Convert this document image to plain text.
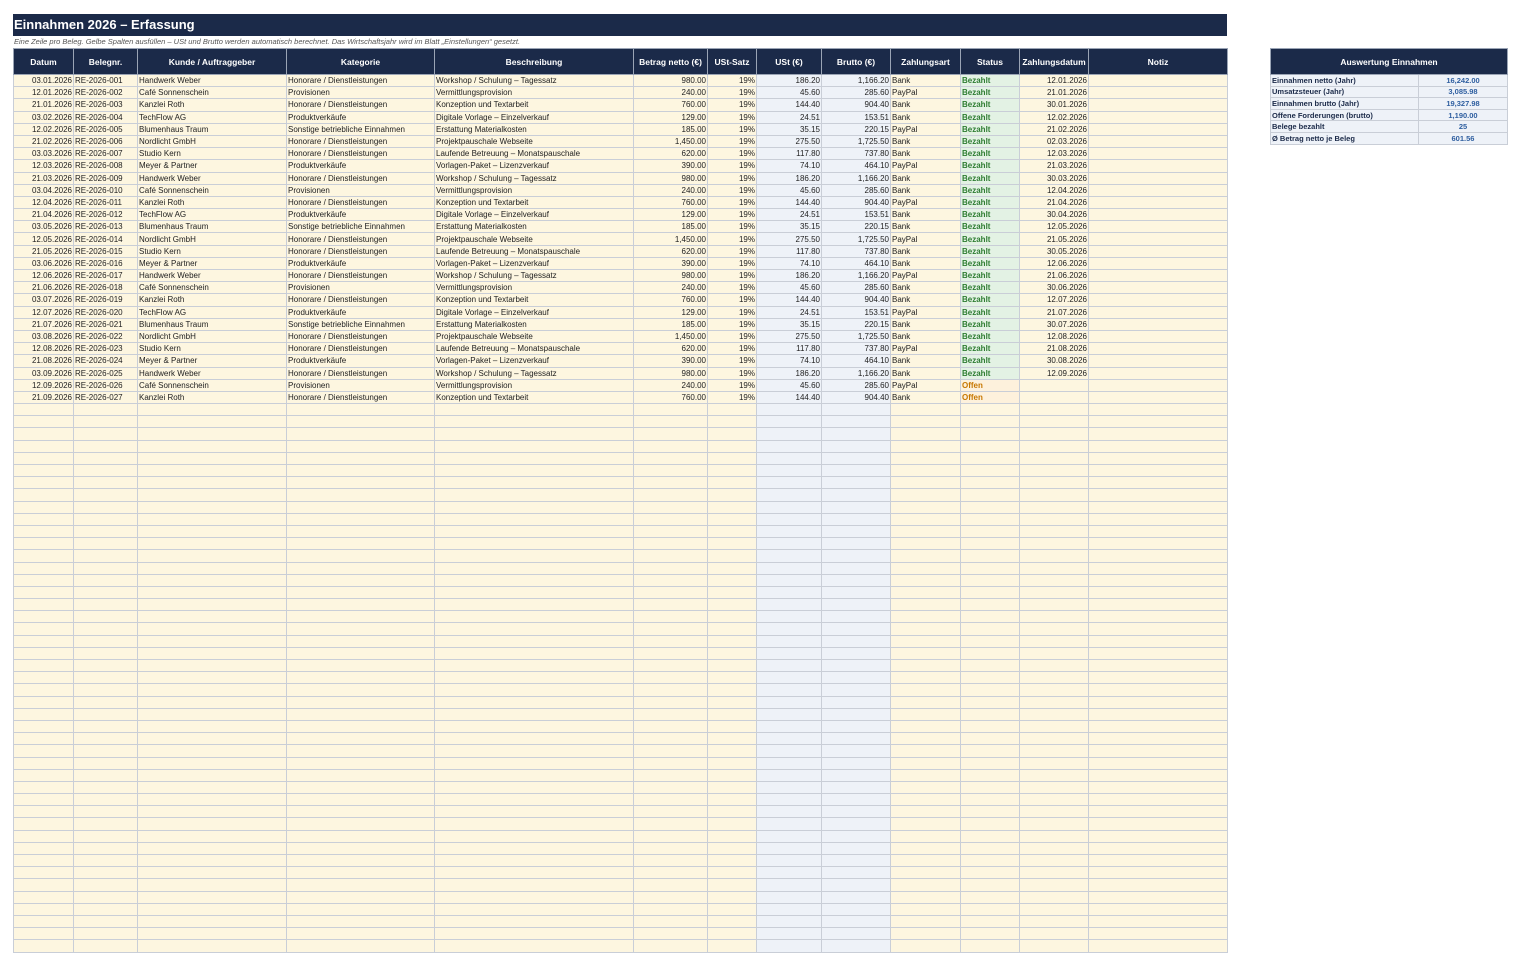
Einnahmen 2026 – Erfassung
Eine Zeile pro Beleg. Gelbe Spalten ausfüllen – USt und Brutto werden automatisch berechnet. Das Wirtschaftsjahr wird im Blatt „Einstellungen“ gesetzt.
Datum	Belegnr.	Kunde / Auftraggeber	Kategorie	Beschreibung	Betrag netto (€)	USt-Satz	USt (€)	Brutto (€)	Zahlungsart	Status	Zahlungsdatum	Notiz
03.01.2026	RE-2026-001	Handwerk Weber	Honorare / Dienstleistungen	Workshop / Schulung – Tagessatz	980.00	19%	186.20	1,166.20	Bank	Bezahlt	12.01.2026	
12.01.2026	RE-2026-002	Café Sonnenschein	Provisionen	Vermittlungsprovision	240.00	19%	45.60	285.60	PayPal	Bezahlt	21.01.2026	
21.01.2026	RE-2026-003	Kanzlei Roth	Honorare / Dienstleistungen	Konzeption und Textarbeit	760.00	19%	144.40	904.40	Bank	Bezahlt	30.01.2026	
03.02.2026	RE-2026-004	TechFlow AG	Produktverkäufe	Digitale Vorlage – Einzelverkauf	129.00	19%	24.51	153.51	Bank	Bezahlt	12.02.2026	
12.02.2026	RE-2026-005	Blumenhaus Traum	Sonstige betriebliche Einnahmen	Erstattung Materialkosten	185.00	19%	35.15	220.15	PayPal	Bezahlt	21.02.2026	
21.02.2026	RE-2026-006	Nordlicht GmbH	Honorare / Dienstleistungen	Projektpauschale Webseite	1,450.00	19%	275.50	1,725.50	Bank	Bezahlt	02.03.2026	
03.03.2026	RE-2026-007	Studio Kern	Honorare / Dienstleistungen	Laufende Betreuung – Monatspauschale	620.00	19%	117.80	737.80	Bank	Bezahlt	12.03.2026	
12.03.2026	RE-2026-008	Meyer & Partner	Produktverkäufe	Vorlagen-Paket – Lizenzverkauf	390.00	19%	74.10	464.10	PayPal	Bezahlt	21.03.2026	
21.03.2026	RE-2026-009	Handwerk Weber	Honorare / Dienstleistungen	Workshop / Schulung – Tagessatz	980.00	19%	186.20	1,166.20	Bank	Bezahlt	30.03.2026	
03.04.2026	RE-2026-010	Café Sonnenschein	Provisionen	Vermittlungsprovision	240.00	19%	45.60	285.60	Bank	Bezahlt	12.04.2026	
12.04.2026	RE-2026-011	Kanzlei Roth	Honorare / Dienstleistungen	Konzeption und Textarbeit	760.00	19%	144.40	904.40	PayPal	Bezahlt	21.04.2026	
21.04.2026	RE-2026-012	TechFlow AG	Produktverkäufe	Digitale Vorlage – Einzelverkauf	129.00	19%	24.51	153.51	Bank	Bezahlt	30.04.2026	
03.05.2026	RE-2026-013	Blumenhaus Traum	Sonstige betriebliche Einnahmen	Erstattung Materialkosten	185.00	19%	35.15	220.15	Bank	Bezahlt	12.05.2026	
12.05.2026	RE-2026-014	Nordlicht GmbH	Honorare / Dienstleistungen	Projektpauschale Webseite	1,450.00	19%	275.50	1,725.50	PayPal	Bezahlt	21.05.2026	
21.05.2026	RE-2026-015	Studio Kern	Honorare / Dienstleistungen	Laufende Betreuung – Monatspauschale	620.00	19%	117.80	737.80	Bank	Bezahlt	30.05.2026	
03.06.2026	RE-2026-016	Meyer & Partner	Produktverkäufe	Vorlagen-Paket – Lizenzverkauf	390.00	19%	74.10	464.10	Bank	Bezahlt	12.06.2026	
12.06.2026	RE-2026-017	Handwerk Weber	Honorare / Dienstleistungen	Workshop / Schulung – Tagessatz	980.00	19%	186.20	1,166.20	PayPal	Bezahlt	21.06.2026	
21.06.2026	RE-2026-018	Café Sonnenschein	Provisionen	Vermittlungsprovision	240.00	19%	45.60	285.60	Bank	Bezahlt	30.06.2026	
03.07.2026	RE-2026-019	Kanzlei Roth	Honorare / Dienstleistungen	Konzeption und Textarbeit	760.00	19%	144.40	904.40	Bank	Bezahlt	12.07.2026	
12.07.2026	RE-2026-020	TechFlow AG	Produktverkäufe	Digitale Vorlage – Einzelverkauf	129.00	19%	24.51	153.51	PayPal	Bezahlt	21.07.2026	
21.07.2026	RE-2026-021	Blumenhaus Traum	Sonstige betriebliche Einnahmen	Erstattung Materialkosten	185.00	19%	35.15	220.15	Bank	Bezahlt	30.07.2026	
03.08.2026	RE-2026-022	Nordlicht GmbH	Honorare / Dienstleistungen	Projektpauschale Webseite	1,450.00	19%	275.50	1,725.50	Bank	Bezahlt	12.08.2026	
12.08.2026	RE-2026-023	Studio Kern	Honorare / Dienstleistungen	Laufende Betreuung – Monatspauschale	620.00	19%	117.80	737.80	PayPal	Bezahlt	21.08.2026	
21.08.2026	RE-2026-024	Meyer & Partner	Produktverkäufe	Vorlagen-Paket – Lizenzverkauf	390.00	19%	74.10	464.10	Bank	Bezahlt	30.08.2026	
03.09.2026	RE-2026-025	Handwerk Weber	Honorare / Dienstleistungen	Workshop / Schulung – Tagessatz	980.00	19%	186.20	1,166.20	Bank	Bezahlt	12.09.2026	
12.09.2026	RE-2026-026	Café Sonnenschein	Provisionen	Vermittlungsprovision	240.00	19%	45.60	285.60	PayPal	Offen		
21.09.2026	RE-2026-027	Kanzlei Roth	Honorare / Dienstleistungen	Konzeption und Textarbeit	760.00	19%	144.40	904.40	Bank	Offen		

Auswertung Einnahmen	
Einnahmen netto (Jahr)	16,242.00
Umsatzsteuer (Jahr)	3,085.98
Einnahmen brutto (Jahr)	19,327.98
Offene Forderungen (brutto)	1,190.00
Belege bezahlt	25
Ø Betrag netto je Beleg	601.56
